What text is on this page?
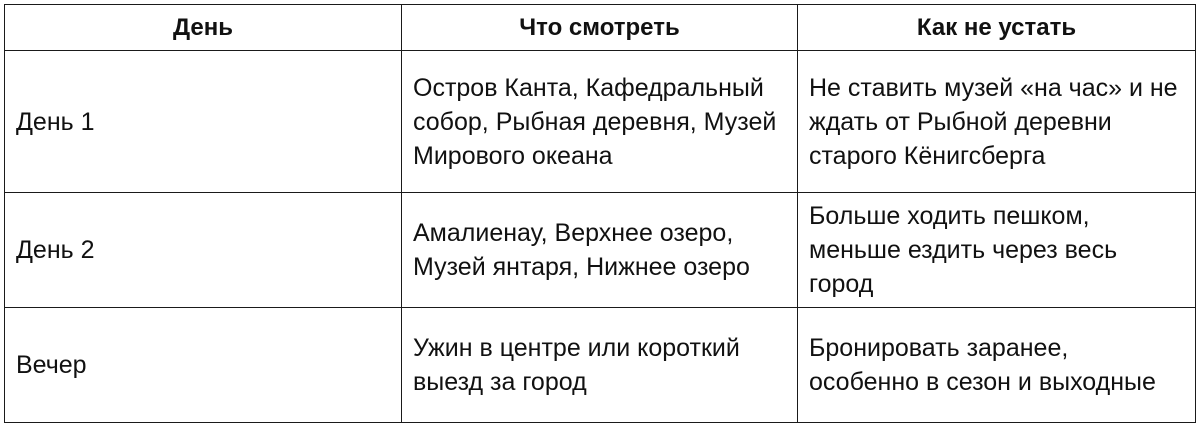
День	Что смотреть	Как не устать
День 1	Остров Канта, Кафедральный собор, Рыбная деревня, Музей Мирового океана	Не ставить музей «на час» и не ждать от Рыбной деревни старого Кёнигсберга
День 2	Амалиенау, Верхнее озеро, Музей янтаря, Нижнее озеро	Больше ходить пешком, меньше ездить через весь город
Вечер	Ужин в центре или короткий выезд за город	Бронировать заранее, особенно в сезон и выходные
